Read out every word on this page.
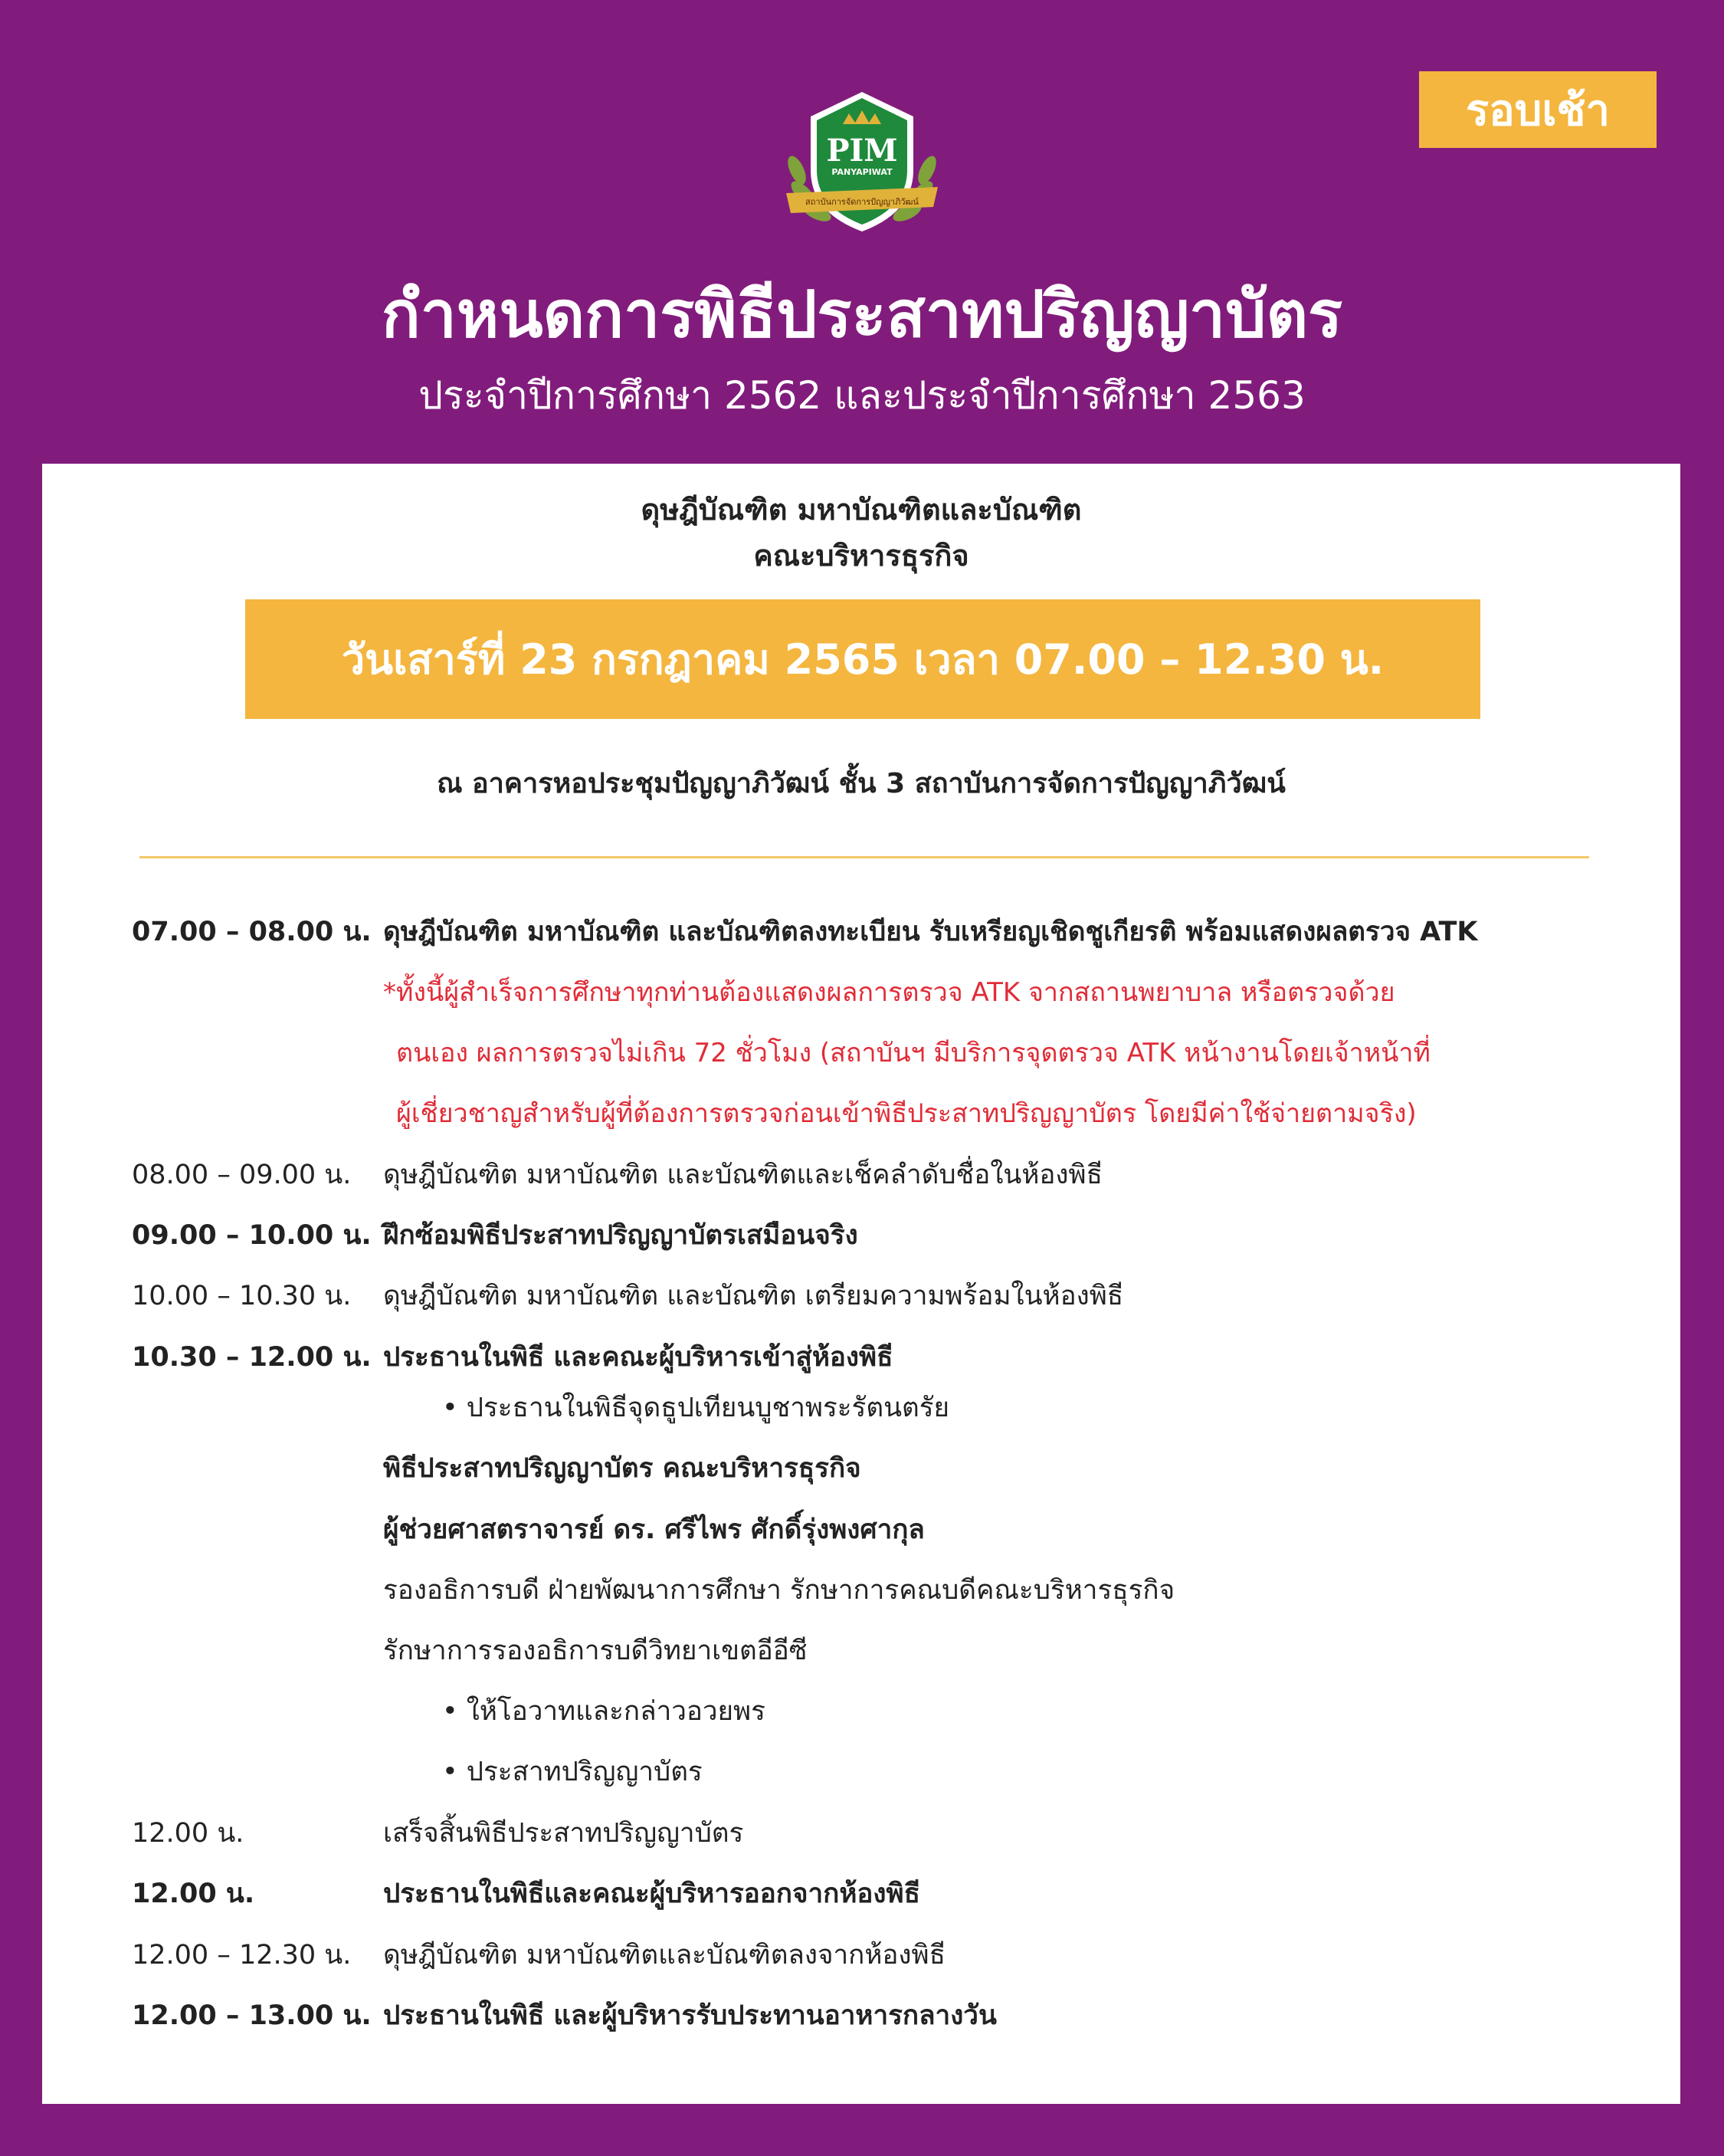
รอบเช้า
PIM
PANYAPIWAT
สถาบันการจัดการปัญญาภิวัฒน์
กำหนดการพิธีประสาทปริญญาบัตร
ประจำปีการศึกษา 2562 และประจำปีการศึกษา 2563
ดุษฎีบัณฑิต มหาบัณฑิตและบัณฑิต
คณะบริหารธุรกิจ
วันเสาร์ที่ 23 กรกฎาคม 2565 เวลา 07.00 – 12.30 น.
ณ อาคารหอประชุมปัญญาภิวัฒน์ ชั้น 3 สถาบันการจัดการปัญญาภิวัฒน์
07.00 – 08.00 น. ดุษฎีบัณฑิต มหาบัณฑิต และบัณฑิตลงทะเบียน รับเหรียญเชิดชูเกียรติ พร้อมแสดงผลตรวจ ATK
*ทั้งนี้ผู้สำเร็จการศึกษาทุกท่านต้องแสดงผลการตรวจ ATK จากสถานพยาบาล หรือตรวจด้วย
ตนเอง ผลการตรวจไม่เกิน 72 ชั่วโมง (สถาบันฯ มีบริการจุดตรวจ ATK หน้างานโดยเจ้าหน้าที่
ผู้เชี่ยวชาญสำหรับผู้ที่ต้องการตรวจก่อนเข้าพิธีประสาทปริญญาบัตร โดยมีค่าใช้จ่ายตามจริง)
08.00 – 09.00 น.	ดุษฎีบัณฑิต มหาบัณฑิต และบัณฑิตและเช็คลำดับชื่อในห้องพิธี
09.00 – 10.00 น. ฝึกซ้อมพิธีประสาทปริญญาบัตรเสมือนจริง
10.00 – 10.30 น.	ดุษฎีบัณฑิต มหาบัณฑิต และบัณฑิต เตรียมความพร้อมในห้องพิธี
10.30 – 12.00 น. ประธานในพิธี และคณะผู้บริหารเข้าสู่ห้องพิธี
• ประธานในพิธีจุดธูปเทียนบูชาพระรัตนตรัย
พิธีประสาทปริญญาบัตร คณะบริหารธุรกิจ
ผู้ช่วยศาสตราจารย์ ดร. ศรีไพร ศักดิ์รุ่งพงศากุล
รองอธิการบดี ฝ่ายพัฒนาการศึกษา รักษาการคณบดีคณะบริหารธุรกิจ
รักษาการรองอธิการบดีวิทยาเขตอีอีซี
• ให้โอวาทและกล่าวอวยพร
• ประสาทปริญญาบัตร
12.00 น.	เสร็จสิ้นพิธีประสาทปริญญาบัตร
12.00 น.	ประธานในพิธีและคณะผู้บริหารออกจากห้องพิธี
12.00 – 12.30 น.	ดุษฎีบัณฑิต มหาบัณฑิตและบัณฑิตลงจากห้องพิธี
12.00 – 13.00 น. ประธานในพิธี และผู้บริหารรับประทานอาหารกลางวัน
